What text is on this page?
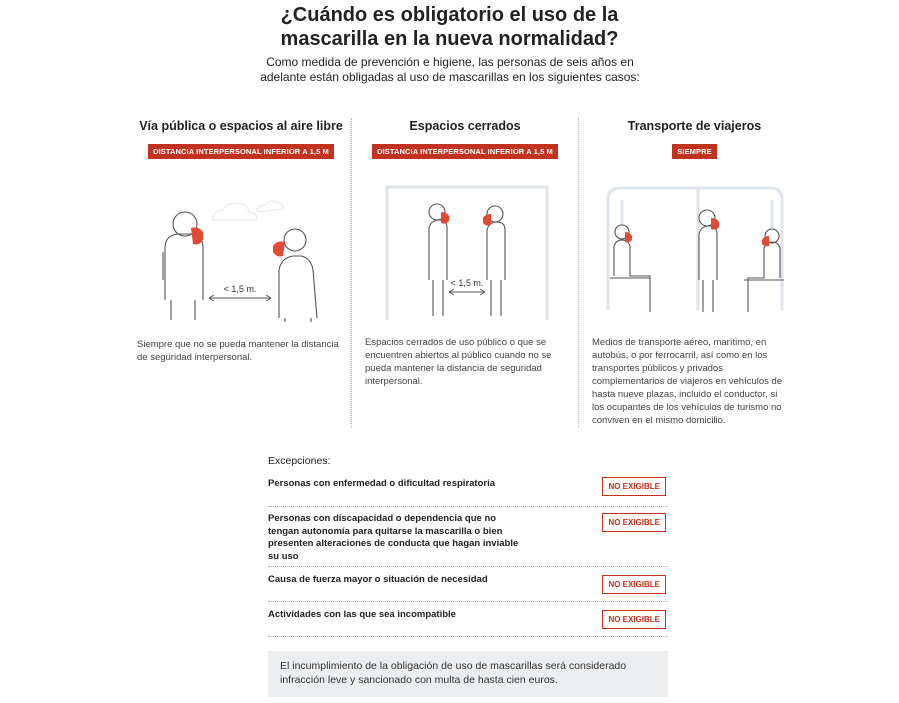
¿Cuándo es obligatorio el uso de la
mascarilla en la nueva normalidad?
Como medida de prevención e higiene, las personas de seis años en adelante están obligadas al uso de mascarillas en los siguientes casos:
Vía pública o espacios al aire libre
DISTANCIA INTERPERSONAL INFERIOR A 1,5 M
< 1,5 m.

Siempre que no se pueda mantener la distancia de seguridad interpersonal.

Espacios cerrados
DISTANCIA INTERPERSONAL INFERIOR A 1,5 M
< 1,5 m.

Espacios cerrados de uso público o que se encuentren abiertos al público cuando no se pueda mantener la distancia de seguridad interpersonal.

Transporte de viajeros
SIEMPRE

Medios de transporte aéreo, marítimo, en autobús, o por ferrocarril, así como en los transportes públicos y privados complementarios de viajeros en vehículos de hasta nueve plazas, incluido el conductor, si los ocupantes de los vehículos de turismo no conviven en el mismo domicilio.

Excepciones:
Personas con enfermedad o dificultad respiratoria	NO EXIGIBLE
Personas con discapacidad o dependencia que no tengan autonomía para quitarse la mascarilla o bien presenten alteraciones de conducta que hagan inviable su uso
NO EXIGIBLE
Causa de fuerza mayor o situación de necesidad	NO EXIGIBLE
Actividades con las que sea incompatible	NO EXIGIBLE
El incumplimiento de la obligación de uso de mascarillas será considerado infracción leve y sancionado con multa de hasta cien euros.
